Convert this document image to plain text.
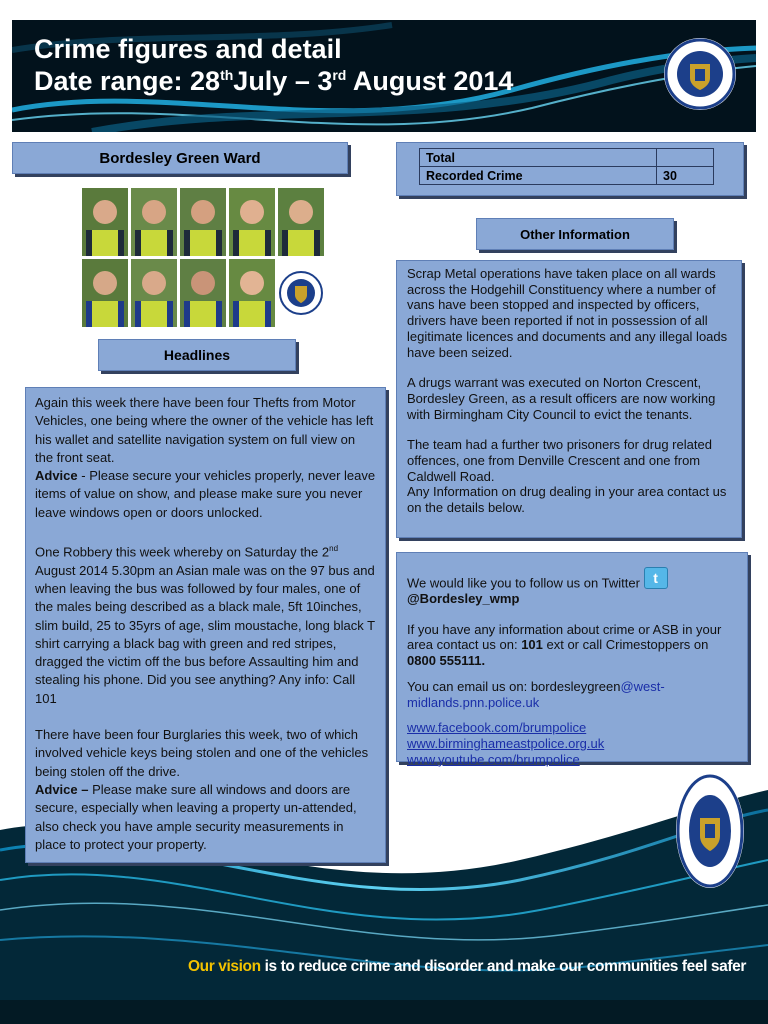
Crime figures and detail
Date range: 28thJuly – 3rd August 2014
Bordesley Green Ward
Headlines

Again this week there have been four Thefts from Motor Vehicles, one being where the owner of the vehicle has left his wallet and satellite navigation system on full view on the front seat.

Advice - Please secure your vehicles properly, never leave items of value on show, and please make sure you never leave windows open or doors unlocked.

One Robbery this week whereby on Saturday the 2nd August 2014 5.30pm an Asian male was on the 97 bus and when leaving the bus was followed by four males, one of the males being described as a black male, 5ft 10inches, slim build, 25 to 35yrs of age, slim moustache, long black T shirt carrying a black bag with green and red stripes, dragged the victim off the bus before Assaulting him and stealing his phone. Did you see anything? Any info: Call 101

There have been four Burglaries this week, two of which involved vehicle keys being stolen and one of the vehicles being stolen off the drive.

Advice – Please make sure all windows and doors are secure, especially when leaving a property un-attended, also check you have ample security measurements in place to protect your property.

Total	
Recorded Crime	30
Other Information

Scrap Metal operations have taken place on all wards across the Hodgehill Constituency where a number of vans have been stopped and inspected by officers, drivers have been reported if not in possession of all legitimate licences and documents and any illegal loads have been seized.

A drugs warrant was executed on Norton Crescent, Bordesley Green, as a result officers are now working with Birmingham City Council to evict the tenants.

The team had a further two prisoners for drug related offences, one from Denville Crescent and one from Caldwell Road.

Any Information on drug dealing in your area contact us on the details below.

We would like you to follow us on Twitter t

@Bordesley_wmp

If you have any information about crime or ASB in your area contact us on: 101 ext or call Crimestoppers on 0800 555111.

You can email us on: bordesleygreen@west-midlands.pnn.police.uk

www.facebook.com/brumpolice
www.birminghameastpolice.org.uk
www.youtube.com/brumpolice
Our vision is to reduce crime and disorder and make our communities feel safer
